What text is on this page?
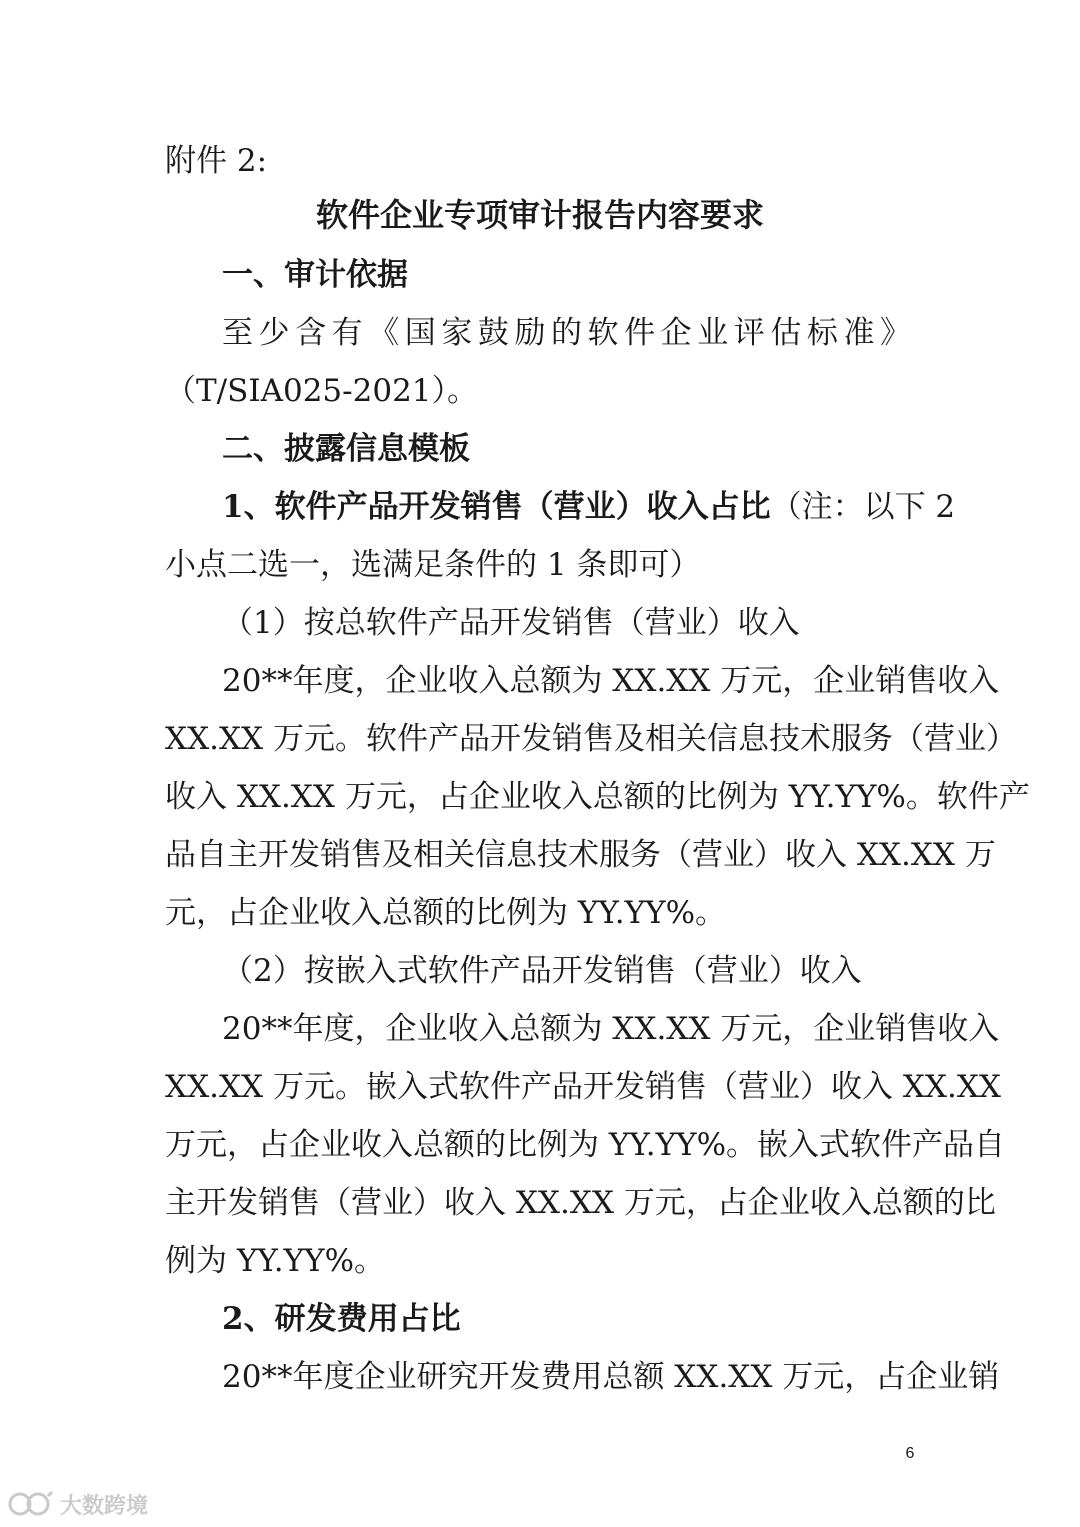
附件 2:
软件企业专项审计报告内容要求
一、审计依据
至少含有《国家鼓励的软件企业评估标准》
（T/SIA025-2021）。
二、披露信息模板
1、软件产品开发销售（营业）收入占比（注：以下 2
小点二选一，选满足条件的 1 条即可）
（1）按总软件产品开发销售（营业）收入
20**年度，企业收入总额为 XX.XX 万元，企业销售收入
XX.XX 万元。软件产品开发销售及相关信息技术服务（营业）
收入 XX.XX 万元，占企业收入总额的比例为 YY.YY%。软件产
品自主开发销售及相关信息技术服务（营业）收入 XX.XX 万
元，占企业收入总额的比例为 YY.YY%。
（2）按嵌入式软件产品开发销售（营业）收入
20**年度，企业收入总额为 XX.XX 万元，企业销售收入
XX.XX 万元。嵌入式软件产品开发销售（营业）收入 XX.XX
万元，占企业收入总额的比例为 YY.YY%。嵌入式软件产品自
主开发销售（营业）收入 XX.XX 万元，占企业收入总额的比
例为 YY.YY%。
2、研发费用占比
20**年度企业研究开发费用总额 XX.XX 万元，占企业销
6
大数跨境
